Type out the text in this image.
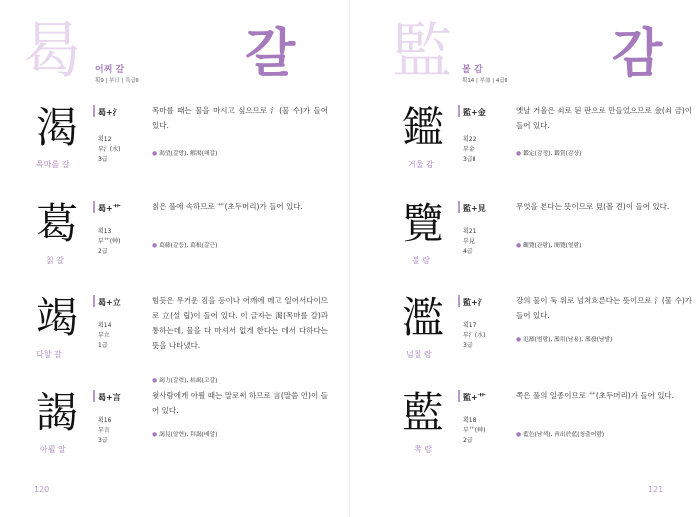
曷	갈
어찌 갈
획9 | 부日 | 특급Ⅱ
渴
목마를 갈
曷+氵
획12
부氵(水)
3급
목마를 때는 물을 마시고 싶으므로 氵(물 수)가 들어 있다.
● 渴望(갈망), 解渴(해갈)
葛
칡 갈
曷+艹
획13
부艹(艸)
2급
칡은 풀에 속하므로 艹(초두머리)가 들어 있다.
● 葛藤(갈등), 葛根(갈근)
竭
다할 갈
曷+立
획14
부立
1급
힘듯은 무거운 짐을 등이나 어깨에 메고 일어서다이므로 立(설 립)이 들어 있다. 이 글자는 渴(목마를 갈)과 통하는데, 물을 다 마셔서 없게 한다는 데서 다하다는 뜻을 나타냈다.
● 竭力(갈력), 枯竭(고갈)
謁
아뢸 알
曷+言
획16
부言
3급
윗사람에게 아뢸 때는 말로써 하므로 言(말씀 언)이 들어 있다.
● 謁見(알현), 拜謁(배알)
120
監	감
볼 감
획14 | 부皿 | 4급Ⅱ
鑑
거울 감
監+金
획22
부金
3급Ⅱ
옛날 거울은 쇠로 된 판으로 만들었으므로 金(쇠 금)이 들어 있다.
● 鑑定(감정), 鑑賞(감상)
覽
볼 람
監+見
획21
부見
4급
무엇을 본다는 뜻이므로 見(볼 견)이 들어 있다.
● 觀覽(관람), 閱覽(열람)
濫
넘칠 람
監+氵
획17
부氵(水)
3급
강의 물이 둑 위로 넘쳐흐른다는 뜻이므로 氵(물 수)가 들어 있다.
● 氾濫(범람), 濫用(남용), 濫發(남발)
藍
쪽 람
監+艹
획18
부艹(艸)
2급
쪽은 풀의 일종이므로 艹(초두머리)가 들어 있다.
● 藍色(남색), 靑出於藍(청출어람)
121
